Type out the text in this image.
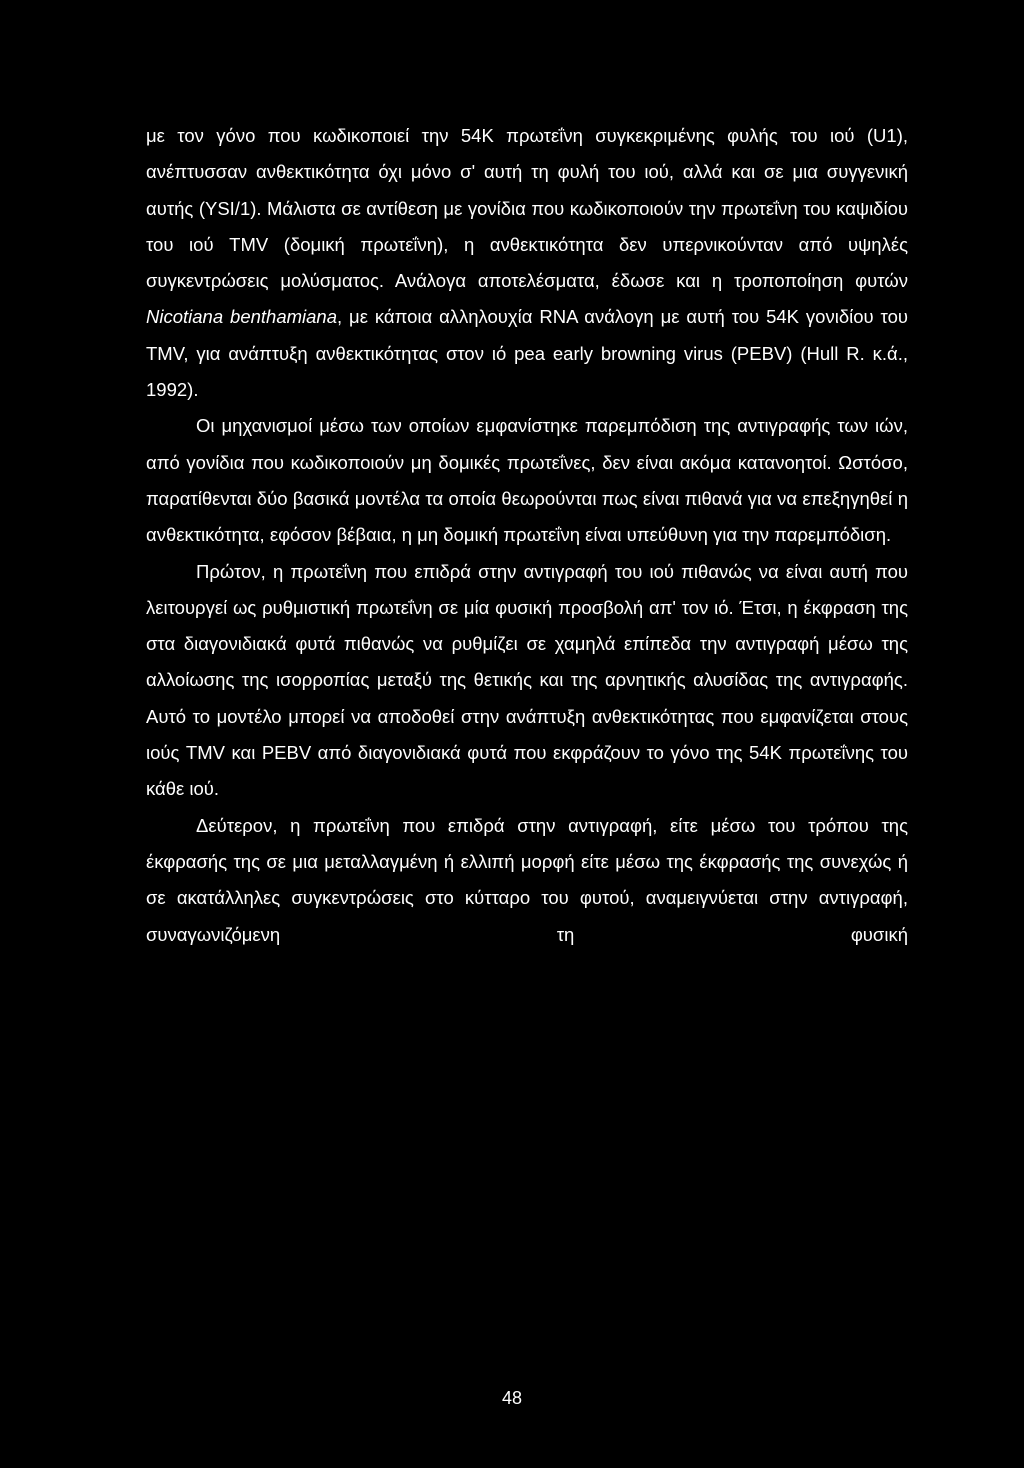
με τον γόνο που κωδικοποιεί την 54K πρωτεΐνη συγκεκριμένης φυλής του ιού (U1), ανέπτυσσαν ανθεκτικότητα όχι μόνο σ' αυτή τη φυλή του ιού, αλλά και σε μια συγγενική αυτής (YSI/1). Μάλιστα σε αντίθεση με γονίδια που κωδικοποιούν την πρωτεΐνη του καψιδίου του ιού TMV (δομική πρωτεΐνη), η ανθεκτικότητα δεν υπερνικούνταν από υψηλές συγκεντρώσεις μολύσματος. Ανάλογα αποτελέσματα, έδωσε και η τροποποίηση φυτών Nicotiana benthamiana, με κάποια αλληλουχία RNA ανάλογη με αυτή του 54K γονιδίου του TMV, για ανάπτυξη ανθεκτικότητας στον ιό pea early browning virus (PEBV) (Hull R. κ.ά., 1992).

Οι μηχανισμοί μέσω των οποίων εμφανίστηκε παρεμπόδιση της αντιγραφής των ιών, από γονίδια που κωδικοποιούν μη δομικές πρωτεΐνες, δεν είναι ακόμα κατανοητοί. Ωστόσο, παρατίθενται δύο βασικά μοντέλα τα οποία θεωρούνται πως είναι πιθανά για να επεξηγηθεί η ανθεκτικότητα, εφόσον βέβαια, η μη δομική πρωτεΐνη είναι υπεύθυνη για την παρεμπόδιση.

Πρώτον, η πρωτεΐνη που επιδρά στην αντιγραφή του ιού πιθανώς να είναι αυτή που λειτουργεί ως ρυθμιστική πρωτεΐνη σε μία φυσική προσβολή απ' τον ιό. Έτσι, η έκφραση της στα διαγονιδιακά φυτά πιθανώς να ρυθμίζει σε χαμηλά επίπεδα την αντιγραφή μέσω της αλλοίωσης της ισορροπίας μεταξύ της θετικής και της αρνητικής αλυσίδας της αντιγραφής. Αυτό το μοντέλο μπορεί να αποδοθεί στην ανάπτυξη ανθεκτικότητας που εμφανίζεται στους ιούς TMV και PEBV από διαγονιδιακά φυτά που εκφράζουν το γόνο της 54K πρωτεΐνης του κάθε ιού.

Δεύτερον, η πρωτεΐνη που επιδρά στην αντιγραφή, είτε μέσω του τρόπου της έκφρασής της σε μια μεταλλαγμένη ή ελλιπή μορφή είτε μέσω της έκφρασής της συνεχώς ή σε ακατάλληλες συγκεντρώσεις στο κύτταρο του φυτού, αναμειγνύεται στην αντιγραφή, συναγωνιζόμενη τη φυσική

48
